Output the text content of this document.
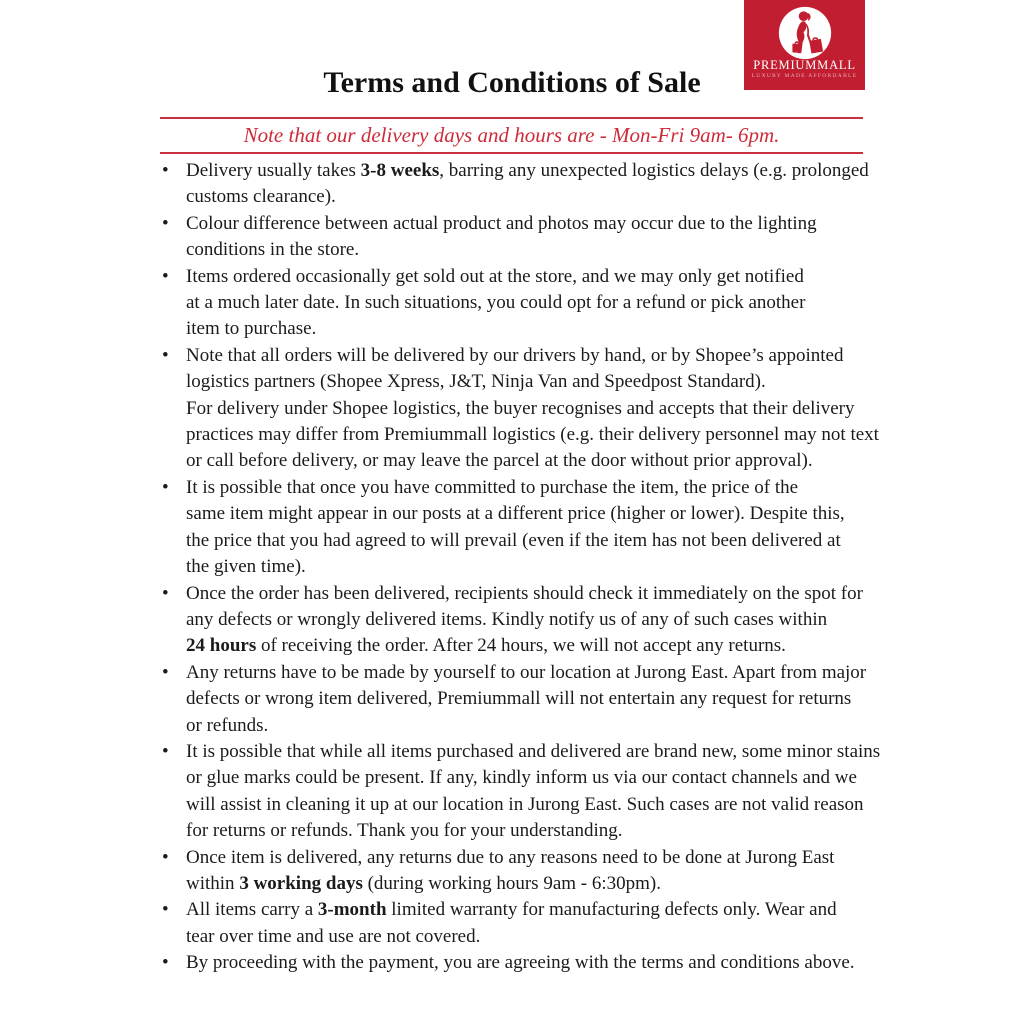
PREMIUMMALL
LUXURY MADE AFFORDABLE
Terms and Conditions of Sale

Note that our delivery days and hours are - Mon-Fri 9am- 6pm.

• Delivery usually takes 3-8 weeks, barring any unexpected logistics delays (e.g. prolonged
customs clearance).
• Colour difference between actual product and photos may occur due to the lighting
conditions in the store.
• Items ordered occasionally get sold out at the store, and we may only get notified
at a much later date. In such situations, you could opt for a refund or pick another
item to purchase.
• Note that all orders will be delivered by our drivers by hand, or by Shopee’s appointed
logistics partners (Shopee Xpress, J&T, Ninja Van and Speedpost Standard).
For delivery under Shopee logistics, the buyer recognises and accepts that their delivery
practices may differ from Premiummall logistics (e.g. their delivery personnel may not text
or call before delivery, or may leave the parcel at the door without prior approval).
• It is possible that once you have committed to purchase the item, the price of the
same item might appear in our posts at a different price (higher or lower). Despite this,
the price that you had agreed to will prevail (even if the item has not been delivered at
the given time).
• Once the order has been delivered, recipients should check it immediately on the spot for
any defects or wrongly delivered items. Kindly notify us of any of such cases within
24 hours of receiving the order. After 24 hours, we will not accept any returns.
• Any returns have to be made by yourself to our location at Jurong East. Apart from major
defects or wrong item delivered, Premiummall will not entertain any request for returns
or refunds.
• It is possible that while all items purchased and delivered are brand new, some minor stains
or glue marks could be present. If any, kindly inform us via our contact channels and we
will assist in cleaning it up at our location in Jurong East. Such cases are not valid reason
for returns or refunds. Thank you for your understanding.
• Once item is delivered, any returns due to any reasons need to be done at Jurong East
within 3 working days (during working hours 9am - 6:30pm).
• All items carry a 3-month limited warranty for manufacturing defects only. Wear and
tear over time and use are not covered.
• By proceeding with the payment, you are agreeing with the terms and conditions above.
